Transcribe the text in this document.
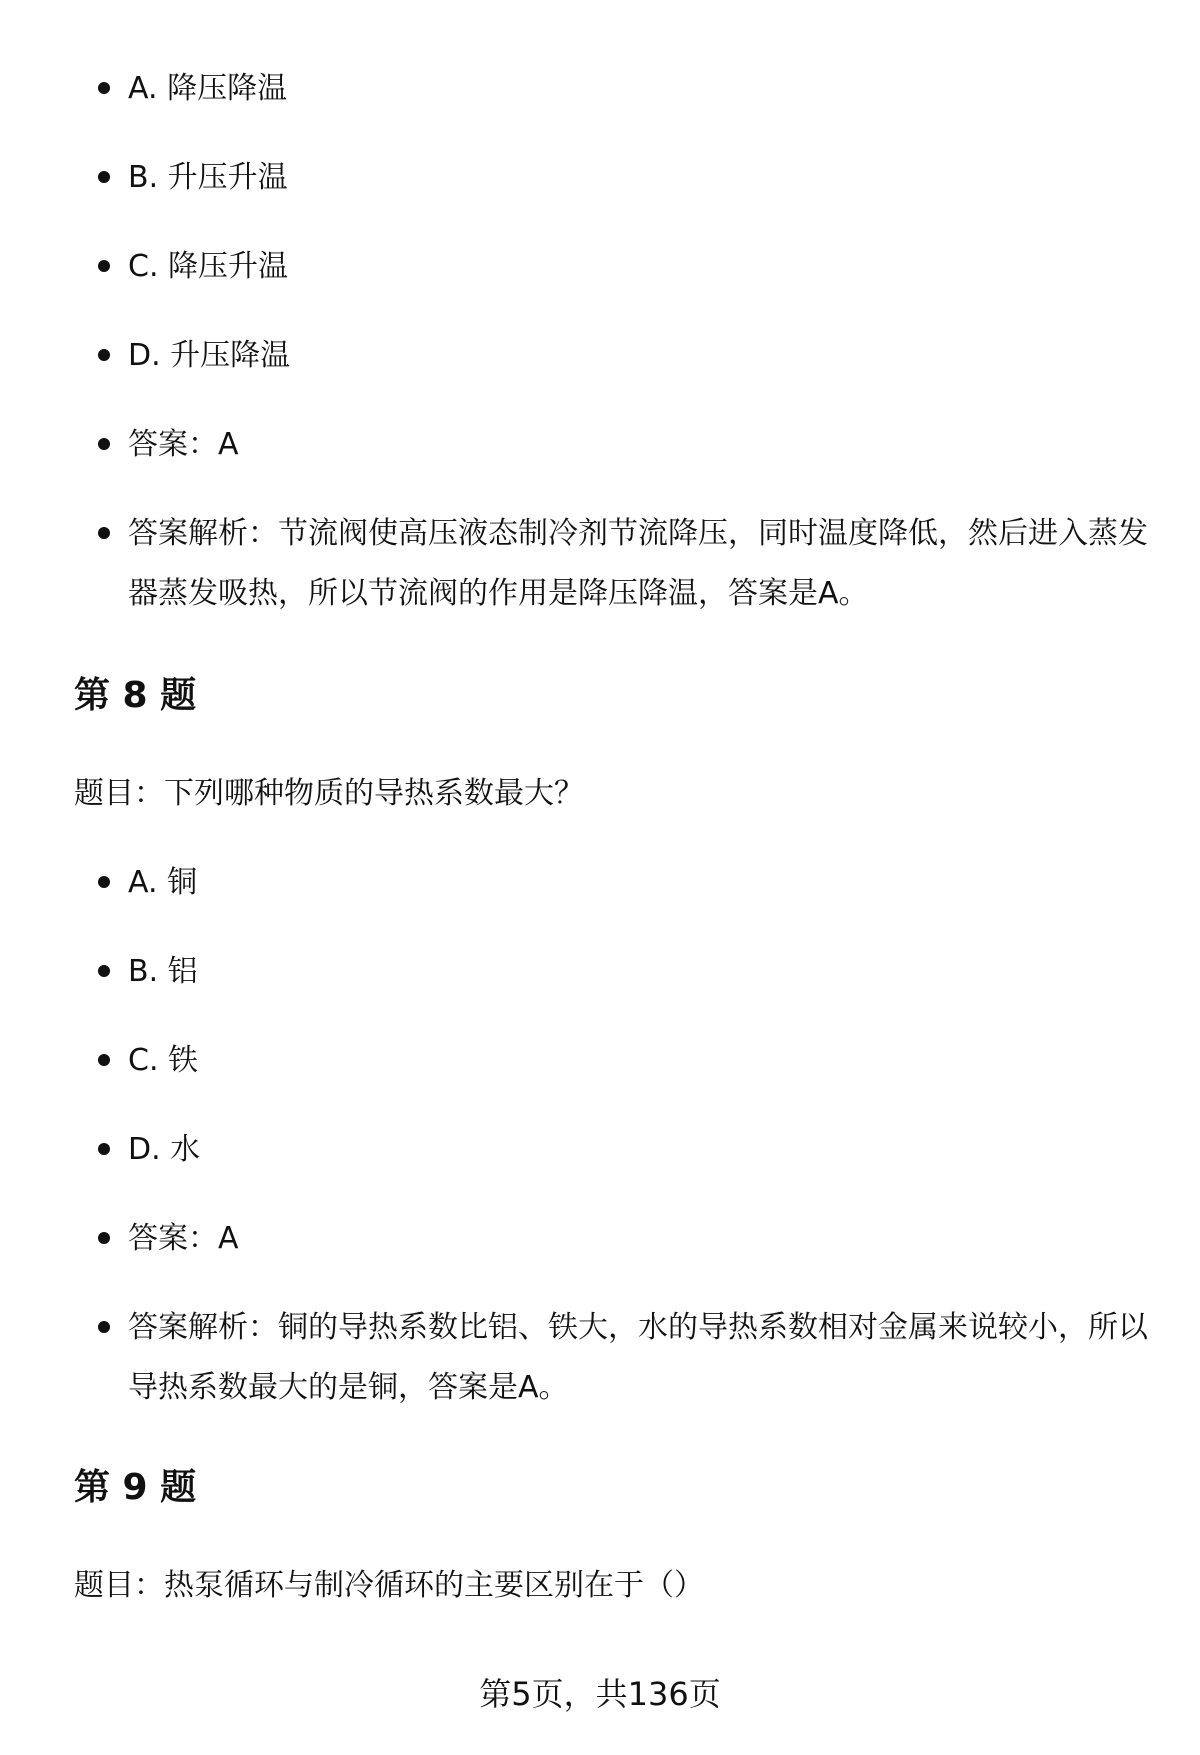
A. 降压降温
B. 升压升温
C. 降压升温
D. 升压降温
答案：A
答案解析：节流阀使高压液态制冷剂节流降压，同时温度降低，然后进入蒸发器蒸发吸热，所以节流阀的作用是降压降温，答案是A。
第 8 题

题目：下列哪种物质的导热系数最大？

A. 铜
B. 铝
C. 铁
D. 水
答案：A
答案解析：铜的导热系数比铝、铁大，水的导热系数相对金属来说较小，所以导热系数最大的是铜，答案是A。
第 9 题

题目：热泵循环与制冷循环的主要区别在于（）

第5页，共136页
